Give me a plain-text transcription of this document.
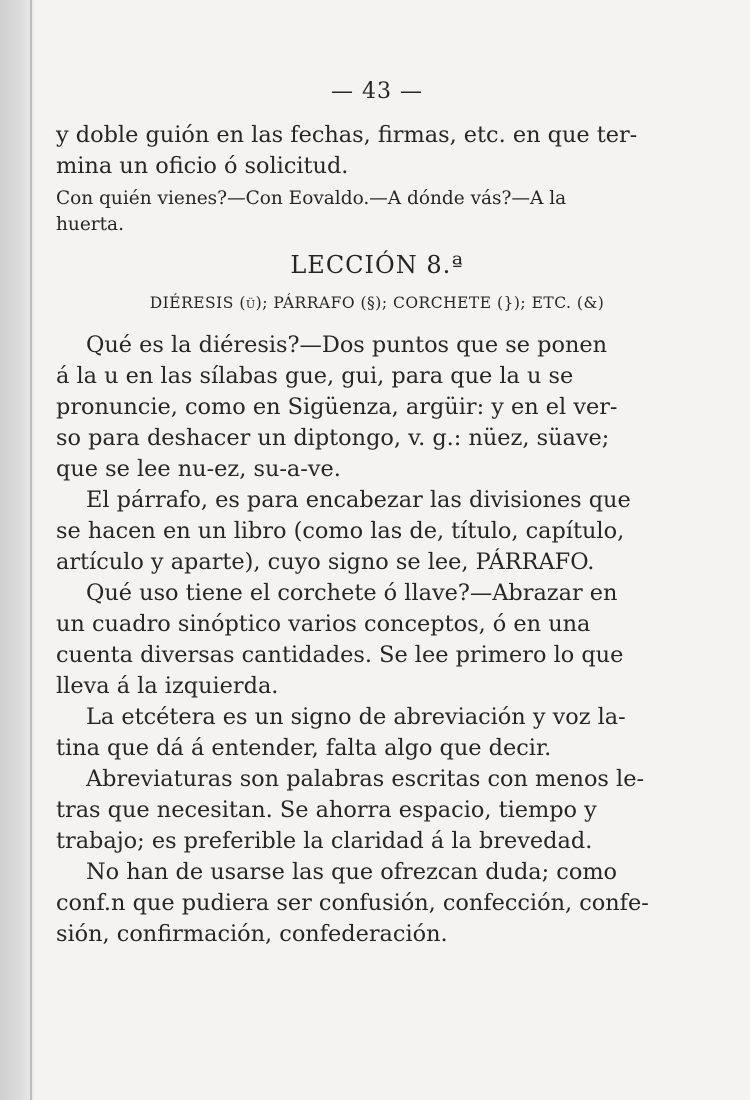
— 43 —
y doble guión en las fechas, firmas, etc. en que ter-
mina un oficio ó solicitud.
Con quién vienes?—Con Eovaldo.—A dónde vás?—A la
huerta.
LECCIÓN 8.ª
DIÉRESIS (ü); PÁRRAFO (§); CORCHETE (}); ETC. (&)
Qué es la diéresis?—Dos puntos que se ponen
á la u en las sílabas gue, gui, para que la u se
pronuncie, como en Sigüenza, argüir: y en el ver-
so para deshacer un diptongo, v. g.: nüez, süave;
que se lee nu-ez, su-a-ve.
El párrafo, es para encabezar las divisiones que
se hacen en un libro (como las de, título, capítulo,
artículo y aparte), cuyo signo se lee, PÁRRAFO.
Qué uso tiene el corchete ó llave?—Abrazar en
un cuadro sinóptico varios conceptos, ó en una
cuenta diversas cantidades. Se lee primero lo que
lleva á la izquierda.
La etcétera es un signo de abreviación y voz la-
tina que dá á entender, falta algo que decir.
Abreviaturas son palabras escritas con menos le-
tras que necesitan. Se ahorra espacio, tiempo y
trabajo; es preferible la claridad á la brevedad.
No han de usarse las que ofrezcan duda; como
conf.n que pudiera ser confusión, confección, confe-
sión, confirmación, confederación.
